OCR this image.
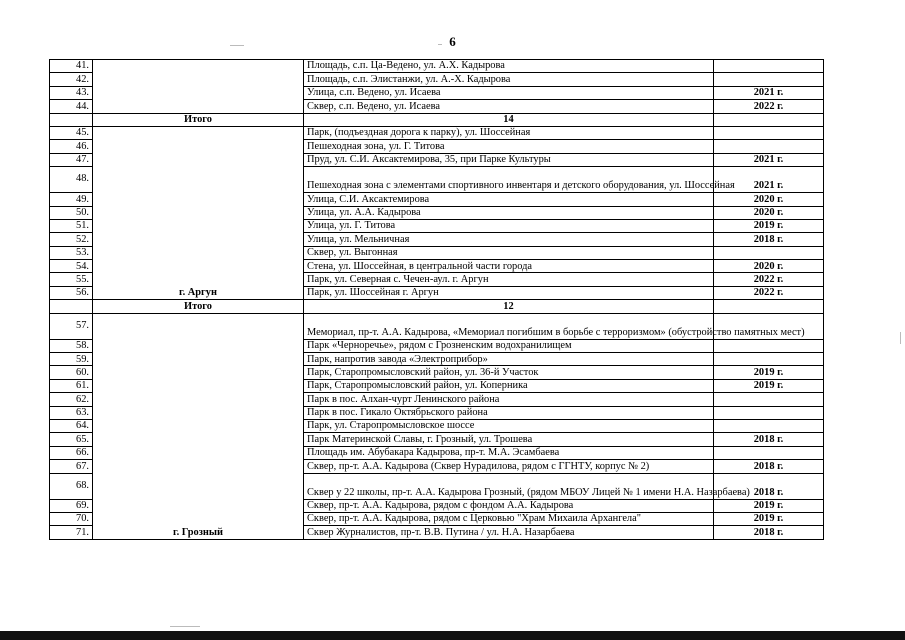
6
41.		Площадь, с.п. Ца-Ведено, ул. А.Х. Кадырова	
42.		Площадь, с.п. Элистанжи, ул. А.-Х. Кадырова	
43.		Улица, с.п. Ведено, ул. Исаева	2021 г.
44.		Сквер, с.п. Ведено, ул. Исаева	2022 г.
	Итого	14	
45.	г. Аргун	Парк, (подъездная дорога к парку), ул. Шоссейная	
46.		Пешеходная зона, ул. Г. Титова	
47.		Пруд, ул. С.И. Аксактемирова, 35, при Парке Культуры	2021 г.
48.		Пешеходная зона с элементами спортивного инвентаря и детского оборудования, ул. Шоссейная	2021 г.
49.		Улица, С.И. Аксактемирова	2020 г.
50.		Улица, ул. А.А. Кадырова	2020 г.
51.		Улица, ул. Г. Титова	2019 г.
52.		Улица, ул. Мельничная	2018 г.
53.		Сквер, ул. Выгонная	
54.		Стена, ул. Шоссейная, в центральной части города	2020 г.
55.		Парк, ул. Северная с. Чечен-аул. г. Аргун	2022 г.
56.		Парк, ул. Шоссейная г. Аргун	2022 г.
	Итого	12	
57.	г. Грозный	Мемориал, пр-т. А.А. Кадырова, «Мемориал погибшим в борьбе с терроризмом» (обустройство памятных мест)	
58.		Парк «Черноречье», рядом с Грозненским водохранилищем	
59.		Парк, напротив завода «Электроприбор»	
60.		Парк, Старопромысловский район, ул. 36-й Участок	2019 г.
61.		Парк, Старопромысловский район, ул. Коперника	2019 г.
62.		Парк в пос. Алхан-чурт Ленинского района	
63.		Парк в пос. Гикало Октябрьского района	
64.		Парк, ул. Старопромысловское шоссе	
65.		Парк Материнской Славы, г. Грозный, ул. Трошева	2018 г.
66.		Площадь им. Абубакара Кадырова, пр-т. М.А. Эсамбаева	
67.		Сквер, пр-т. А.А. Кадырова (Сквер Нурадилова, рядом с ГГНТУ, корпус № 2)	2018 г.
68.		Сквер у 22 школы, пр-т. А.А. Кадырова Грозный, (рядом МБОУ Лицей № 1 имени Н.А. Назарбаева)	2018 г.
69.		Сквер, пр-т. А.А. Кадырова, рядом с фондом А.А. Кадырова	2019 г.
70.		Сквер, пр-т. А.А. Кадырова, рядом с Церковью "Храм Михаила Архангела"	2019 г.
71.		Сквер Журналистов, пр-т. В.В. Путина / ул. Н.А. Назарбаева	2018 г.
